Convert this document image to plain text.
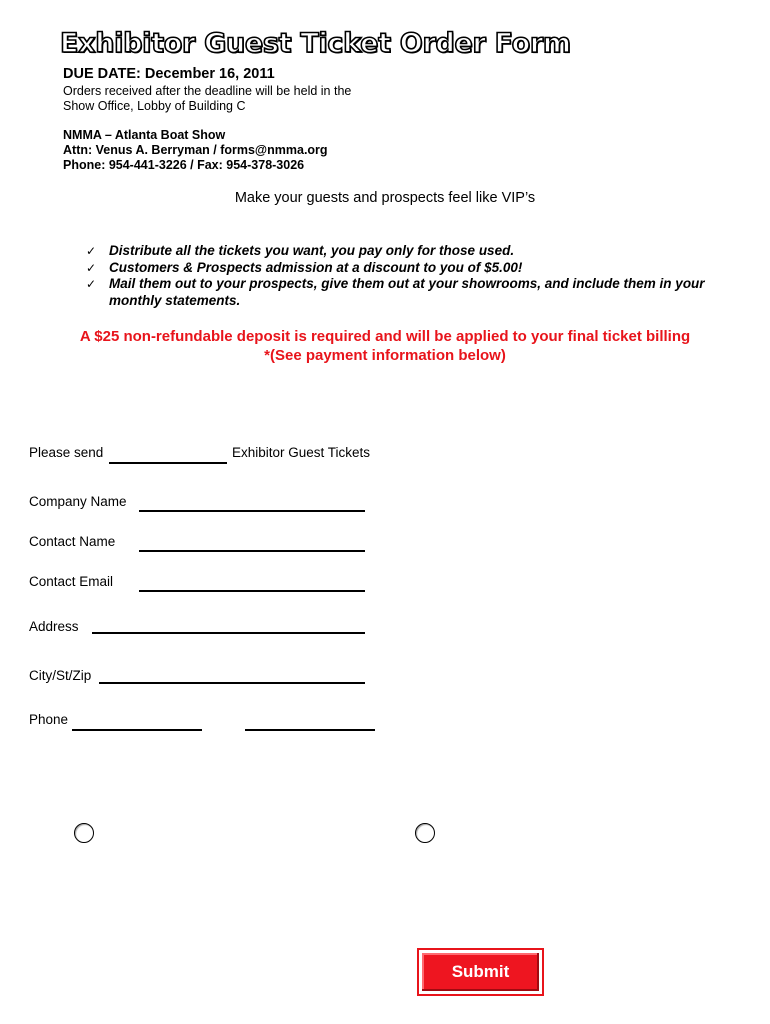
Exhibitor Guest Ticket Order Form
DUE DATE: December 16, 2011
Orders received after the deadline will be held in the
Show Office, Lobby of Building C
NMMA – Atlanta Boat Show
Attn: Venus A. Berryman / forms@nmma.org
Phone: 954-441-3226 / Fax: 954-378-3026
Make your guests and prospects feel like VIP’s
✓ Distribute all the tickets you want, you pay only for those used.
✓ Customers & Prospects admission at a discount to you of $5.00!
✓ Mail them out to your prospects, give them out at your showrooms, and include them in your monthly statements.
A $25 non-refundable deposit is required and will be applied to your final ticket billing
*(See payment information below)
Please send	Exhibitor Guest Tickets
Company Name
Contact Name
Contact Email
Address
City/St/Zip
Phone
Submit
